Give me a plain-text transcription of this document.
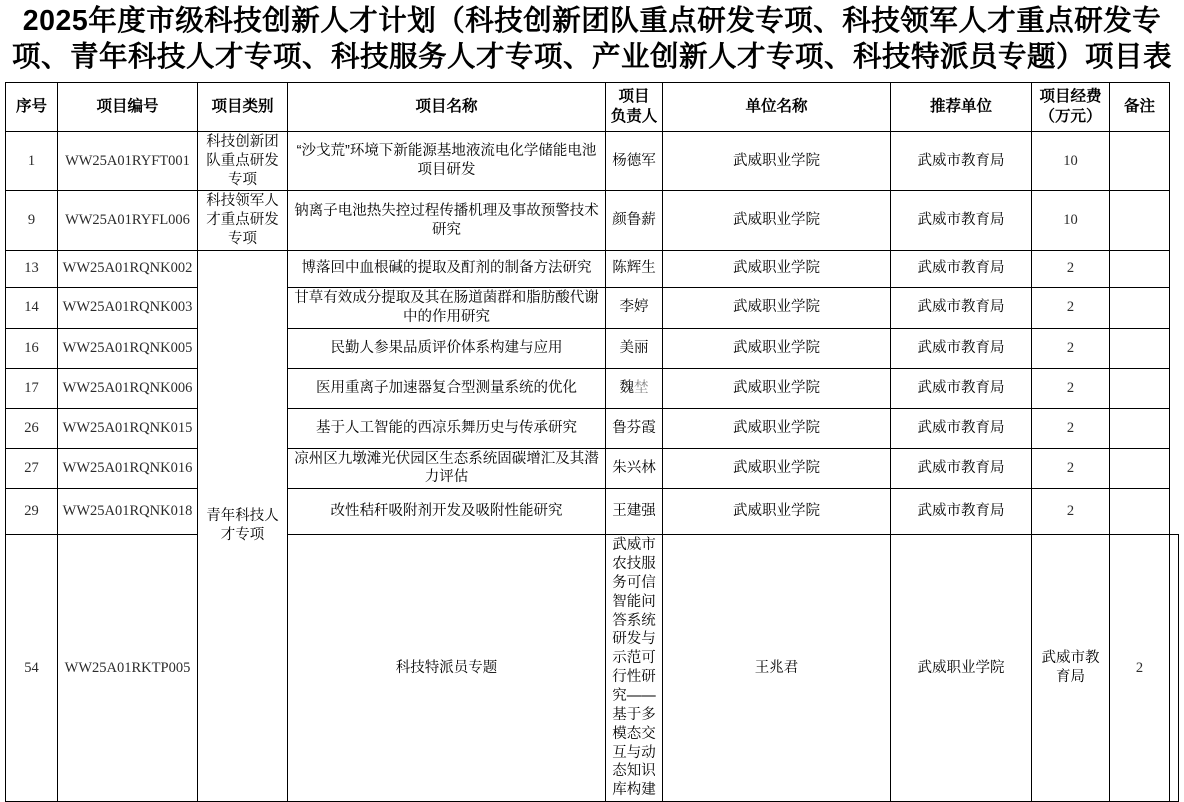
2025年度市级科技创新人才计划（科技创新团队重点研发专项、科技领军人才重点研发专项、青年科技人才专项、科技服务人才专项、产业创新人才专项、科技特派员专题）项目表
序号	项目编号	项目类别	项目名称	项目 负责人	单位名称	推荐单位	项目经费 （万元）	备注	
1	WW25A01RYFT001	科技创新团队重点研发专项	“沙戈荒”环境下新能源基地液流电化学储能电池 项目研发	杨德军	武威职业学院	武威市教育局	10		
9	WW25A01RYFL006	科技领军人才重点研发专项	钠离子电池热失控过程传播机理及事故预警技术研究	颜鲁薪	武威职业学院	武威市教育局	10		
13	WW25A01RQNK002	青年科技人才专项	博落回中血根碱的提取及酊剂的制备方法研究	陈辉生	武威职业学院	武威市教育局	2		
14	WW25A01RQNK003		甘草有效成分提取及其在肠道菌群和脂肪酸代谢中的作用研究	李婷	武威职业学院	武威市教育局	2		
16	WW25A01RQNK005		民勤人参果品质评价体系构建与应用	美丽	武威职业学院	武威市教育局	2		
17	WW25A01RQNK006		医用重离子加速器复合型测量系统的优化	魏埜	武威职业学院	武威市教育局	2		
26	WW25A01RQNK015		基于人工智能的西凉乐舞历史与传承研究	鲁芬霞	武威职业学院	武威市教育局	2		
27	WW25A01RQNK016		凉州区九墩滩光伏园区生态系统固碳增汇及其潜力评估	朱兴林	武威职业学院	武威市教育局	2		
29	WW25A01RQNK018		改性秸秆吸附剂开发及吸附性能研究	王建强	武威职业学院	武威市教育局	2		
54	WW25A01RKTP005		科技特派员专题	武威市农技服务可信智能问答系统研发与示范可行性研究——基于多模态交互与动态知识库构建	王兆君	武威职业学院	武威市教育局	2	
